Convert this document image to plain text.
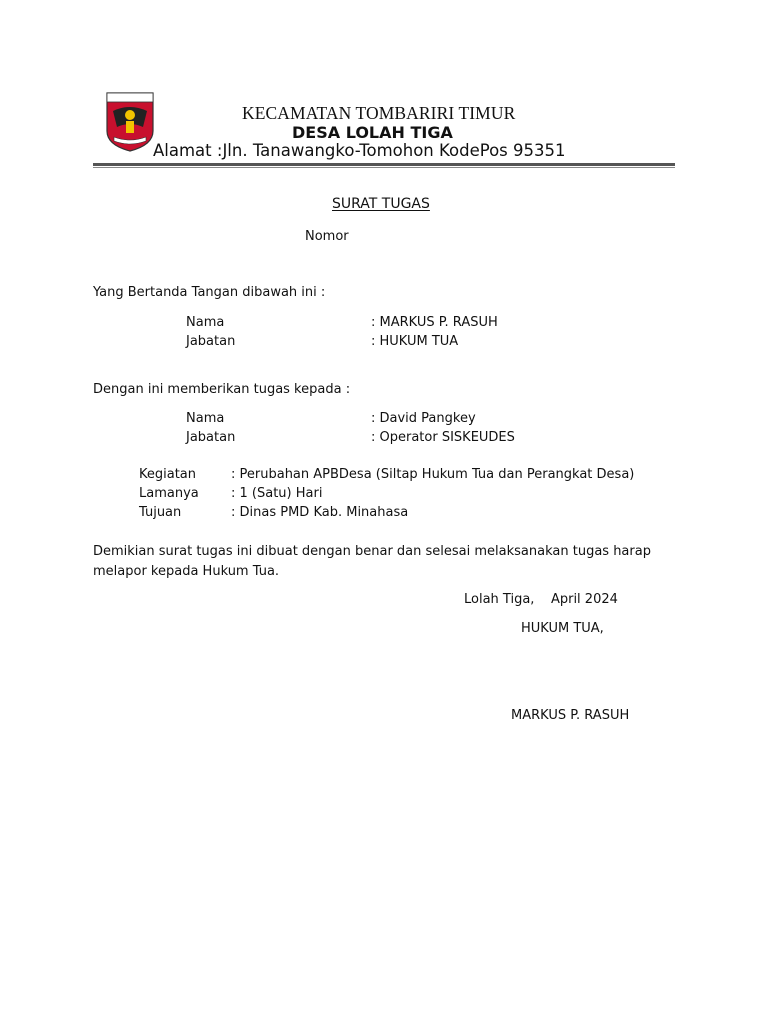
KECAMATAN TOMBARIRI TIMUR
DESA LOLAH TIGA
Alamat :Jln. Tanawangko-Tomohon KodePos 95351
SURAT TUGAS
Nomor
Yang Bertanda Tangan dibawah ini :
Nama	: MARKUS P. RASUH
Jabatan	: HUKUM TUA
Dengan ini memberikan tugas kepada :
Nama	: David Pangkey
Jabatan	: Operator SISKEUDES
Kegiatan	: Perubahan APBDesa (Siltap Hukum Tua dan Perangkat Desa)
Lamanya : 1 (Satu) Hari
Tujuan	: Dinas PMD Kab. Minahasa
Demikian surat tugas ini dibuat dengan benar dan selesai melaksanakan tugas harap
melapor kepada Hukum Tua.
Lolah Tiga,    April 2024
HUKUM TUA,
MARKUS P. RASUH
